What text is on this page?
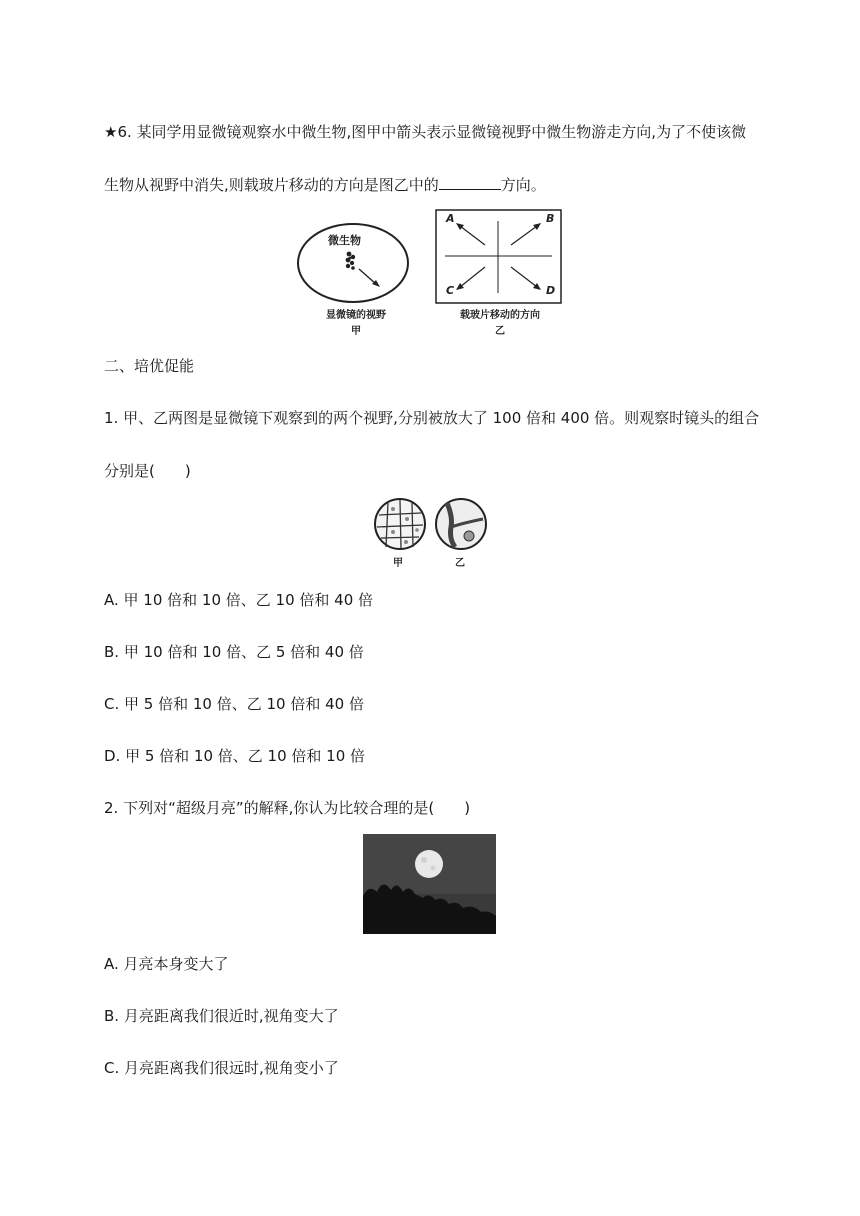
★6. 某同学用显微镜观察水中微生物,图甲中箭头表示显微镜视野中微生物游走方向,为了不使该微
生物从视野中消失,则载玻片移动的方向是图乙中的	方向。
微生物
显微镜的视野
甲
A	B
C	D
载玻片移动的方向
乙
二、培优促能
1. 甲、乙两图是显微镜下观察到的两个视野,分别被放大了 100 倍和 400 倍。则观察时镜头的组合
分别是(　　)
甲	乙
A. 甲 10 倍和 10 倍、乙 10 倍和 40 倍
B. 甲 10 倍和 10 倍、乙 5 倍和 40 倍
C. 甲 5 倍和 10 倍、乙 10 倍和 40 倍
D. 甲 5 倍和 10 倍、乙 10 倍和 10 倍
2. 下列对“超级月亮”的解释,你认为比较合理的是(　　)
A. 月亮本身变大了
B. 月亮距离我们很近时,视角变大了
C. 月亮距离我们很远时,视角变小了
